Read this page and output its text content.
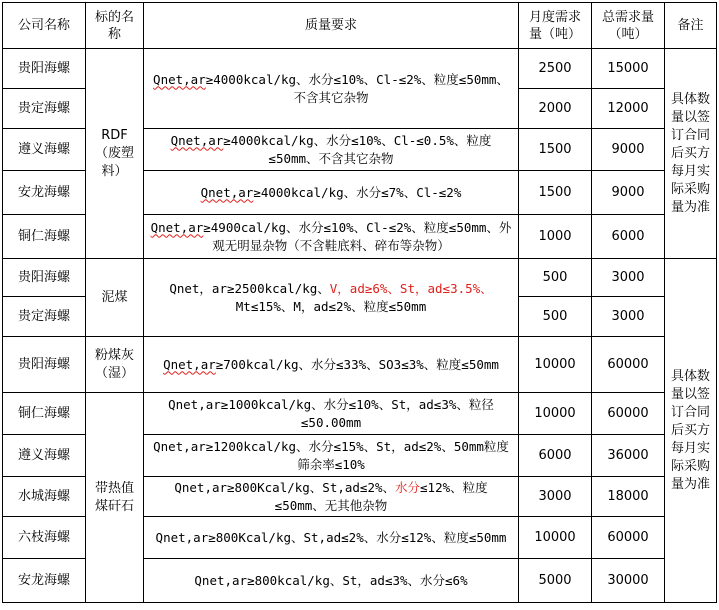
公司名称	标的名称	质量要求	月度需求量（吨）	总需求量（吨）	备注
贵阳海螺	RDF（废塑料）	Qnet,ar≥4000kcal/kg、水分≤10%、Cl-≤2%、粒度≤50mm、不含其它杂物	2500	15000	具体数量以签订合同后买方每月实际采购量为准
贵定海螺			2000	12000	
遵义海螺		Qnet,ar≥4000kcal/kg、水分≤10%、Cl-≤0.5%、粒度≤50mm、不含其它杂物	1500	9000	
安龙海螺		Qnet,ar≥4000kcal/kg、水分≤7%、Cl-≤2%	1500	9000	
铜仁海螺		Qnet,ar≥4900cal/kg、水分≤10%、Cl-≤2%、粒度≤50mm、外观无明显杂物（不含鞋底料、碎布等杂物）	1000	6000	
贵阳海螺	泥煤	Qnet，ar≥2500kcal/kg、V，ad≥6%、St，ad≤3.5%、Mt≤15%、M，ad≤2%、粒度≤50mm	500	3000	具体数量以签订合同后买方每月实际采购量为准
贵定海螺			500	3000	
贵阳海螺	粉煤灰（湿）	Qnet,ar≥700kcal/kg、水分≤33%、SO3≤3%、粒度≤50mm	10000	60000	
铜仁海螺	带热值煤矸石	Qnet,ar≥1000kcal/kg、水分≤10%、St，ad≤3%、粒径≤50.00mm	10000	60000	
遵义海螺		Qnet,ar≥1200kcal/kg、水分≤15%、St，ad≤2%、50mm粒度筛余率≤10%	6000	36000	
水城海螺		Qnet,ar≥800Kcal/kg、St,ad≤2%、水分≤12%、粒度≤50mm、无其他杂物	3000	18000	
六枝海螺		Qnet,ar≥800Kcal/kg、St,ad≤2%、水分≤12%、粒度≤50mm	10000	60000	
安龙海螺		Qnet,ar≥800kcal/kg、St，ad≤3%、水分≤6%	5000	30000	
